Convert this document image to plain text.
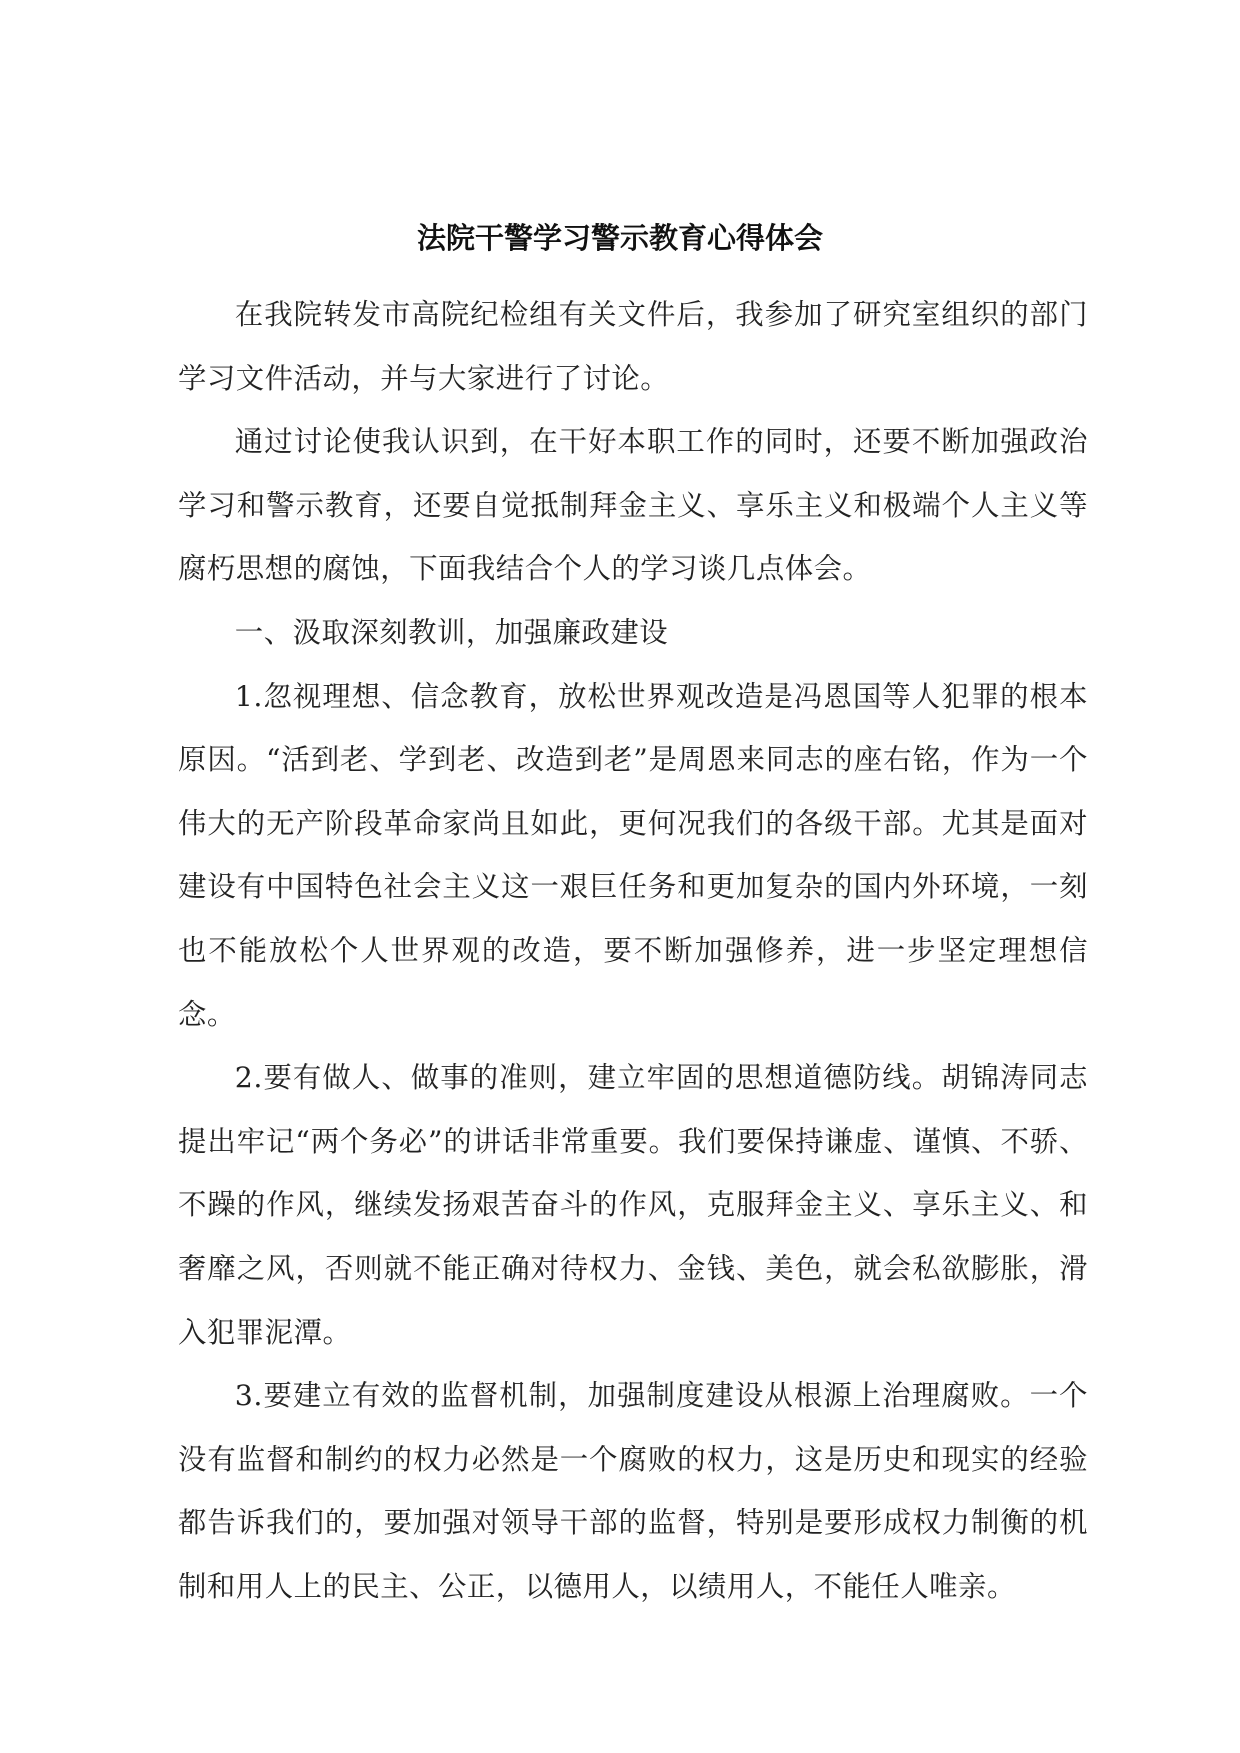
法院干警学习警示教育心得体会

在我院转发市高院纪检组有关文件后，我参加了研究室组织的部门学习文件活动，并与大家进行了讨论。

通过讨论使我认识到，在干好本职工作的同时，还要不断加强政治学习和警示教育，还要自觉抵制拜金主义、享乐主义和极端个人主义等腐朽思想的腐蚀，下面我结合个人的学习谈几点体会。

一、汲取深刻教训，加强廉政建设

1.忽视理想、信念教育，放松世界观改造是冯恩国等人犯罪的根本原因。“活到老、学到老、改造到老”是周恩来同志的座右铭，作为一个伟大的无产阶段革命家尚且如此，更何况我们的各级干部。尤其是面对建设有中国特色社会主义这一艰巨任务和更加复杂的国内外环境，一刻也不能放松个人世界观的改造，要不断加强修养，进一步坚定理想信念。

2.要有做人、做事的准则，建立牢固的思想道德防线。胡锦涛同志提出牢记“两个务必”的讲话非常重要。我们要保持谦虚、谨慎、不骄、不躁的作风，继续发扬艰苦奋斗的作风，克服拜金主义、享乐主义、和奢靡之风，否则就不能正确对待权力、金钱、美色，就会私欲膨胀，滑入犯罪泥潭。

3.要建立有效的监督机制，加强制度建设从根源上治理腐败。一个没有监督和制约的权力必然是一个腐败的权力，这是历史和现实的经验都告诉我们的，要加强对领导干部的监督，特别是要形成权力制衡的机制和用人上的民主、公正，以德用人，以绩用人，不能任人唯亲。
